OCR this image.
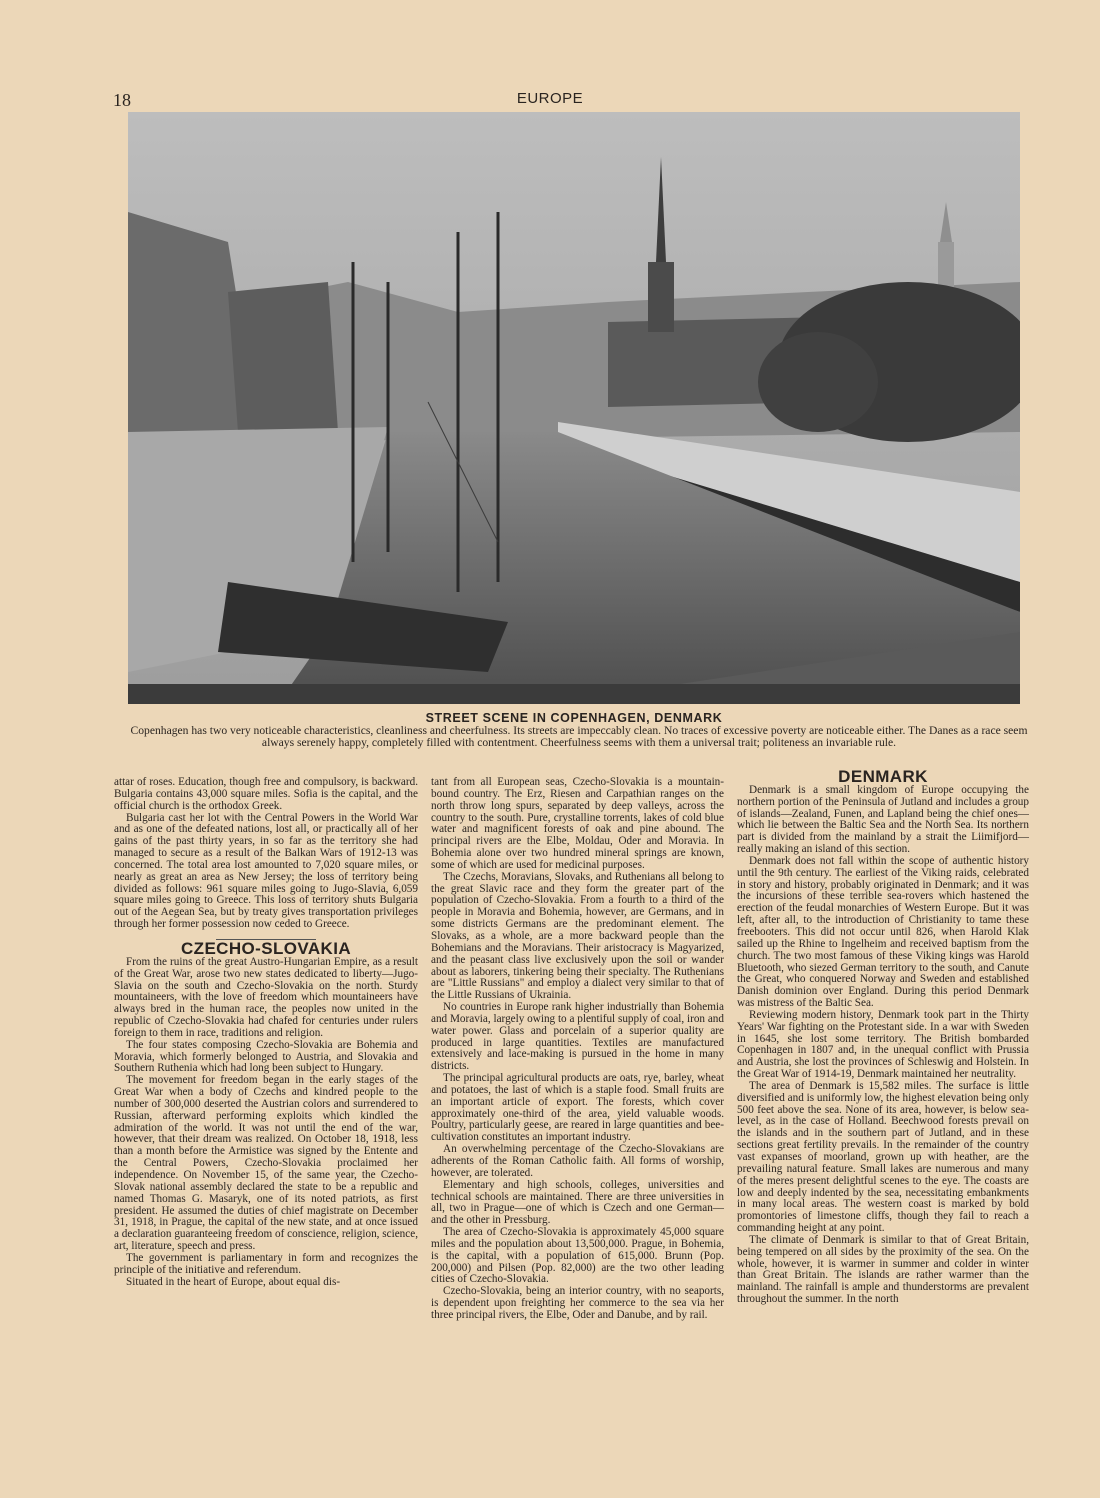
18	EUROPE
STREET SCENE IN COPENHAGEN, DENMARK
Copenhagen has two very noticeable characteristics, cleanliness and cheerfulness. Its streets are impeccably clean. No traces of excessive poverty are noticeable either. The Danes as a race seem always serenely happy, completely filled with contentment. Cheerfulness seems with them a universal trait; politeness an invariable rule.

attar of roses. Education, though free and compulsory, is backward. Bulgaria contains 43,000 square miles. Sofia is the capital, and the official church is the orthodox Greek.

Bulgaria cast her lot with the Central Powers in the World War and as one of the defeated nations, lost all, or practically all of her gains of the past thirty years, in so far as the territory she had managed to secure as a result of the Balkan Wars of 1912-13 was concerned. The total area lost amounted to 7,020 square miles, or nearly as great an area as New Jersey; the loss of territory being divided as follows: 961 square miles going to Jugo-Slavia, 6,059 square miles going to Greece. This loss of territory shuts Bulgaria out of the Aegean Sea, but by treaty gives transportation privileges through her former possession now ceded to Greece.

CZECHO-SLOVAKIA

From the ruins of the great Austro-Hungarian Empire, as a result of the Great War, arose two new states dedicated to liberty—Jugo-Slavia on the south and Czecho-Slovakia on the north. Sturdy mountaineers, with the love of freedom which mountaineers have always bred in the human race, the peoples now united in the republic of Czecho-Slovakia had chafed for centuries under rulers foreign to them in race, traditions and religion.

The four states composing Czecho-Slovakia are Bohemia and Moravia, which formerly belonged to Austria, and Slovakia and Southern Ruthenia which had long been subject to Hungary.

The movement for freedom began in the early stages of the Great War when a body of Czechs and kindred people to the number of 300,000 deserted the Austrian colors and surrendered to Russian, afterward performing exploits which kindled the admiration of the world. It was not until the end of the war, however, that their dream was realized. On October 18, 1918, less than a month before the Armistice was signed by the Entente and the Central Powers, Czecho-Slovakia proclaimed her independence. On November 15, of the same year, the Czecho-Slovak national assembly declared the state to be a republic and named Thomas G. Masaryk, one of its noted patriots, as first president. He assumed the duties of chief magistrate on December 31, 1918, in Prague, the capital of the new state, and at once issued a declaration guaranteeing freedom of conscience, religion, science, art, literature, speech and press.

The government is parliamentary in form and recognizes the principle of the initiative and referendum.

Situated in the heart of Europe, about equal dis-

tant from all European seas, Czecho-Slovakia is a mountain-bound country. The Erz, Riesen and Carpathian ranges on the north throw long spurs, separated by deep valleys, across the country to the south. Pure, crystalline torrents, lakes of cold blue water and magnificent forests of oak and pine abound. The principal rivers are the Elbe, Moldau, Oder and Moravia. In Bohemia alone over two hundred mineral springs are known, some of which are used for medicinal purposes.

The Czechs, Moravians, Slovaks, and Ruthenians all belong to the great Slavic race and they form the greater part of the population of Czecho-Slovakia. From a fourth to a third of the people in Moravia and Bohemia, however, are Germans, and in some districts Germans are the predominant element. The Slovaks, as a whole, are a more backward people than the Bohemians and the Moravians. Their aristocracy is Magyarized, and the peasant class live exclusively upon the soil or wander about as laborers, tinkering being their specialty. The Ruthenians are "Little Russians" and employ a dialect very similar to that of the Little Russians of Ukrainia.

No countries in Europe rank higher industrially than Bohemia and Moravia, largely owing to a plentiful supply of coal, iron and water power. Glass and porcelain of a superior quality are produced in large quantities. Textiles are manufactured extensively and lace-making is pursued in the home in many districts.

The principal agricultural products are oats, rye, barley, wheat and potatoes, the last of which is a staple food. Small fruits are an important article of export. The forests, which cover approximately one-third of the area, yield valuable woods. Poultry, particularly geese, are reared in large quantities and bee-cultivation constitutes an important industry.

An overwhelming percentage of the Czecho-Slovakians are adherents of the Roman Catholic faith. All forms of worship, however, are tolerated.

Elementary and high schools, colleges, universities and technical schools are maintained. There are three universities in all, two in Prague—one of which is Czech and one German—and the other in Pressburg.

The area of Czecho-Slovakia is approximately 45,000 square miles and the population about 13,500,000. Prague, in Bohemia, is the capital, with a population of 615,000. Brunn (Pop. 200,000) and Pilsen (Pop. 82,000) are the two other leading cities of Czecho-Slovakia.

Czecho-Slovakia, being an interior country, with no seaports, is dependent upon freighting her commerce to the sea via her three principal rivers, the Elbe, Oder and Danube, and by rail.

DENMARK

Denmark is a small kingdom of Europe occupying the northern portion of the Peninsula of Jutland and includes a group of islands—Zealand, Funen, and Lapland being the chief ones—which lie between the Baltic Sea and the North Sea. Its northern part is divided from the mainland by a strait the Liimifjord—really making an island of this section.

Denmark does not fall within the scope of authentic history until the 9th century. The earliest of the Viking raids, celebrated in story and history, probably originated in Denmark; and it was the incursions of these terrible sea-rovers which hastened the erection of the feudal monarchies of Western Europe. But it was left, after all, to the introduction of Christianity to tame these freebooters. This did not occur until 826, when Harold Klak sailed up the Rhine to Ingelheim and received baptism from the church. The two most famous of these Viking kings was Harold Bluetooth, who siezed German territory to the south, and Canute the Great, who conquered Norway and Sweden and established Danish dominion over England. During this period Denmark was mistress of the Baltic Sea.

Reviewing modern history, Denmark took part in the Thirty Years' War fighting on the Protestant side. In a war with Sweden in 1645, she lost some territory. The British bombarded Copenhagen in 1807 and, in the unequal conflict with Prussia and Austria, she lost the provinces of Schleswig and Holstein. In the Great War of 1914-19, Denmark maintained her neutrality.

The area of Denmark is 15,582 miles. The surface is little diversified and is uniformly low, the highest elevation being only 500 feet above the sea. None of its area, however, is below sea-level, as in the case of Holland. Beechwood forests prevail on the islands and in the southern part of Jutland, and in these sections great fertility prevails. In the remainder of the country vast expanses of moorland, grown up with heather, are the prevailing natural feature. Small lakes are numerous and many of the meres present delightful scenes to the eye. The coasts are low and deeply indented by the sea, necessitating embankments in many local areas. The western coast is marked by bold promontories of limestone cliffs, though they fail to reach a commanding height at any point.

The climate of Denmark is similar to that of Great Britain, being tempered on all sides by the proximity of the sea. On the whole, however, it is warmer in summer and colder in winter than Great Britain. The islands are rather warmer than the mainland. The rainfall is ample and thunderstorms are prevalent throughout the summer. In the north
